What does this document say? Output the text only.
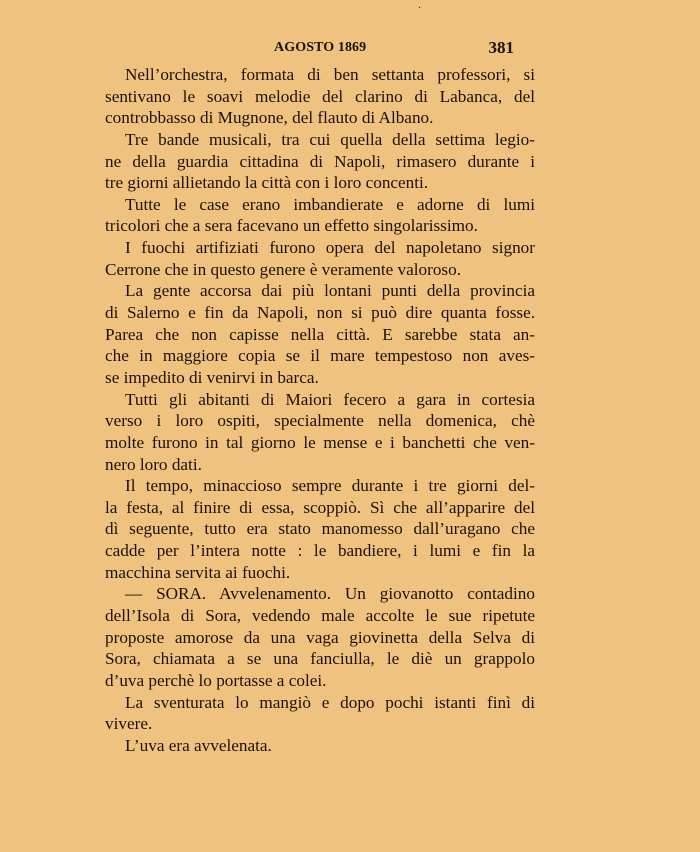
·
AGOSTO 1869	381
Nell’orchestra, formata di ben settanta professori, si
sentivano le soavi melodie del clarino di Labanca, del
controbbasso di Mugnone, del flauto di Albano.
Tre bande musicali, tra cui quella della settima legio-
ne della guardia cittadina di Napoli, rimasero durante i
tre giorni allietando la città con i loro concenti.
Tutte le case erano imbandierate e adorne di lumi
tricolori che a sera facevano un effetto singolarissimo.
I fuochi artifiziati furono opera del napoletano signor
Cerrone che in questo genere è veramente valoroso.
La gente accorsa dai più lontani punti della provincia
di Salerno e fin da Napoli, non si può dire quanta fosse.
Parea che non capisse nella città. E sarebbe stata an-
che in maggiore copia se il mare tempestoso non aves-
se impedito di venirvi in barca.
Tutti gli abitanti di Maiori fecero a gara in cortesia
verso i loro ospiti, specialmente nella domenica, chè
molte furono in tal giorno le mense e i banchetti che ven-
nero loro dati.
Il tempo, minaccioso sempre durante i tre giorni del-
la festa, al finire di essa, scoppiò. Sì che all’apparire del
dì seguente, tutto era stato manomesso dall’uragano che
cadde per l’intera notte : le bandiere, i lumi e fin la
macchina servita ai fuochi.
— SORA. Avvelenamento. Un giovanotto contadino
dell’Isola di Sora, vedendo male accolte le sue ripetute
proposte amorose da una vaga giovinetta della Selva di
Sora, chiamata a se una fanciulla, le diè un grappolo
d’uva perchè lo portasse a colei.
La sventurata lo mangiò e dopo pochi istanti finì di
vivere.
L’uva era avvelenata.
